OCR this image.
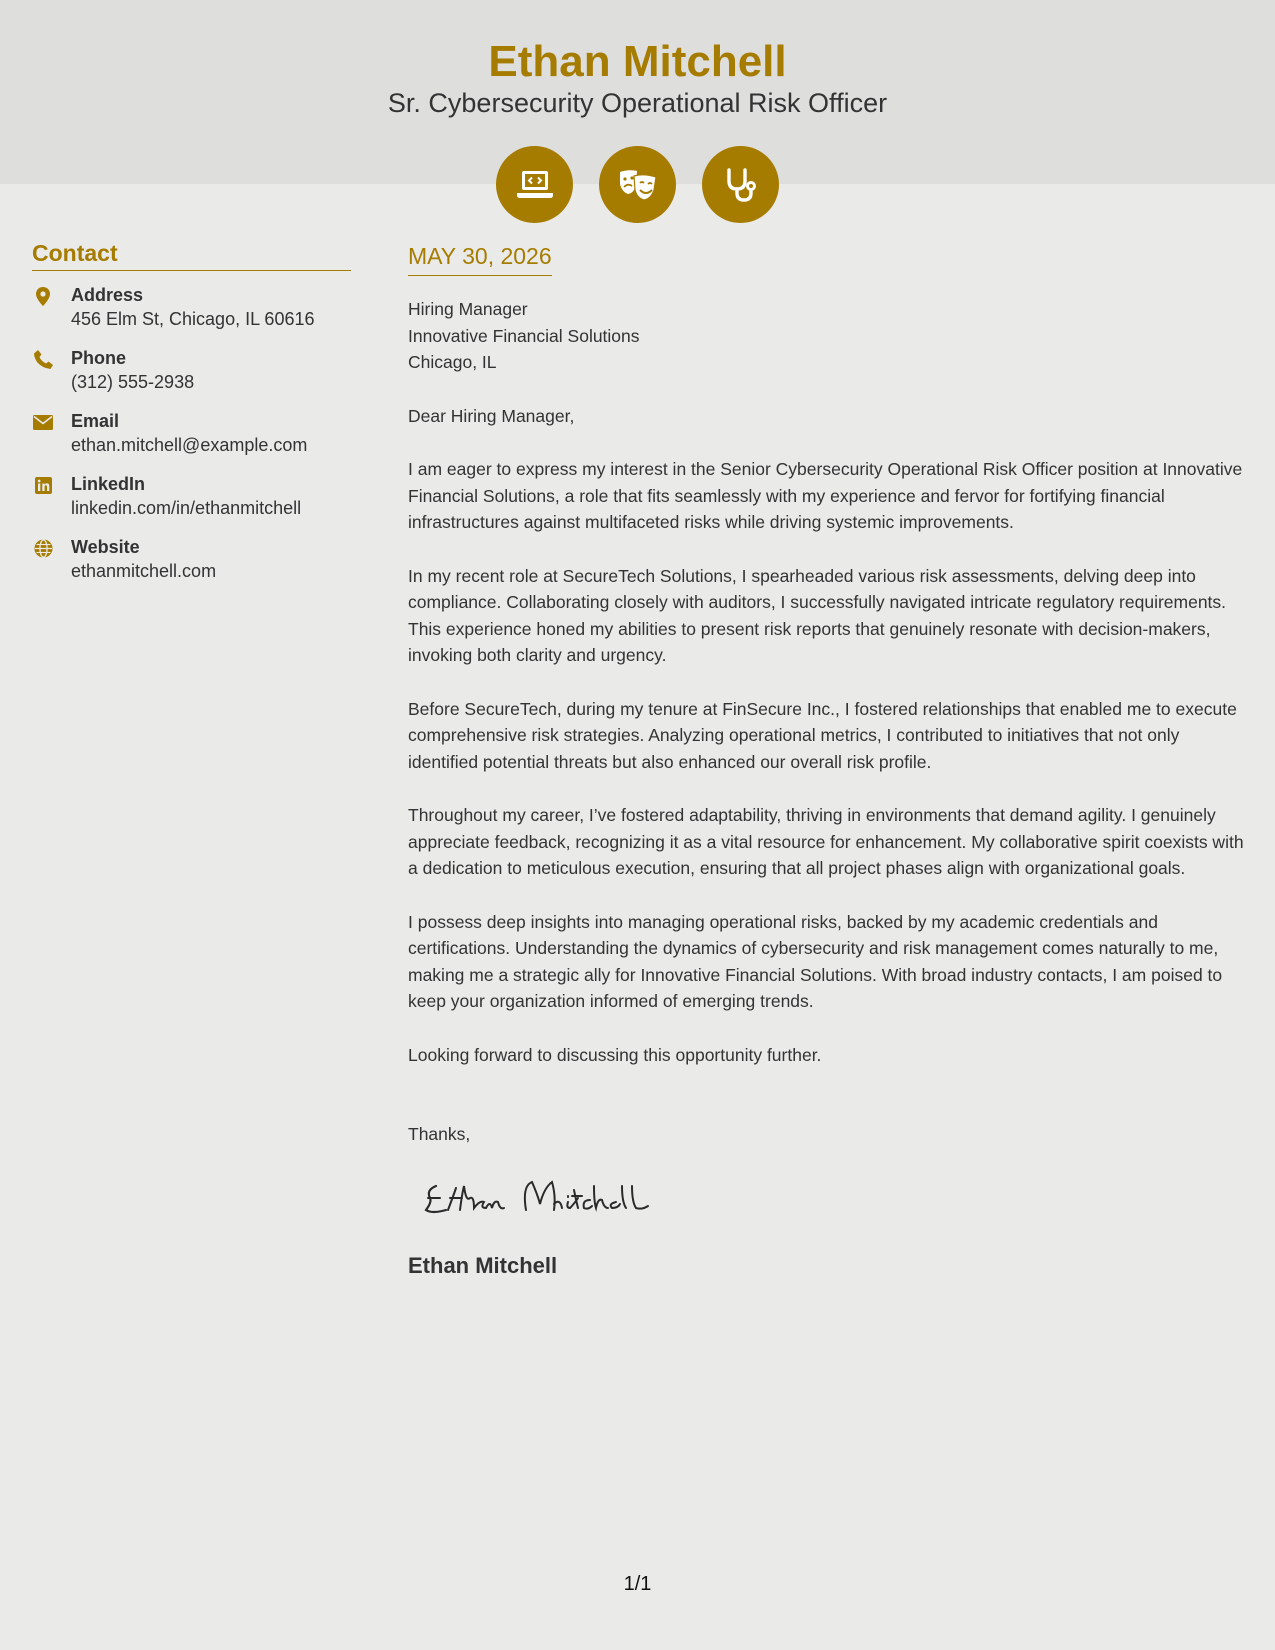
Ethan Mitchell
Sr. Cybersecurity Operational Risk Officer
Contact
Address
456 Elm St, Chicago, IL 60616
Phone
(312) 555-2938
Email
ethan.mitchell@example.com
LinkedIn
linkedin.com/in/ethanmitchell
Website
ethanmitchell.com
MAY 30, 2026
Hiring Manager
Innovative Financial Solutions
Chicago, IL

Dear Hiring Manager,

I am eager to express my interest in the Senior Cybersecurity Operational Risk Officer position at Innovative Financial Solutions, a role that fits seamlessly with my experience and fervor for fortifying financial infrastructures against multifaceted risks while driving systemic improvements.

In my recent role at SecureTech Solutions, I spearheaded various risk assessments, delving deep into compliance. Collaborating closely with auditors, I successfully navigated intricate regulatory requirements. This experience honed my abilities to present risk reports that genuinely resonate with decision-makers, invoking both clarity and urgency.

Before SecureTech, during my tenure at FinSecure Inc., I fostered relationships that enabled me to execute comprehensive risk strategies. Analyzing operational metrics, I contributed to initiatives that not only identified potential threats but also enhanced our overall risk profile.

Throughout my career, I’ve fostered adaptability, thriving in environments that demand agility. I genuinely appreciate feedback, recognizing it as a vital resource for enhancement. My collaborative spirit coexists with a dedication to meticulous execution, ensuring that all project phases align with organizational goals.

I possess deep insights into managing operational risks, backed by my academic credentials and certifications. Understanding the dynamics of cybersecurity and risk management comes naturally to me, making me a strategic ally for Innovative Financial Solutions. With broad industry contacts, I am poised to keep your organization informed of emerging trends.

Looking forward to discussing this opportunity further.

Thanks,

Ethan Mitchell
1/1
